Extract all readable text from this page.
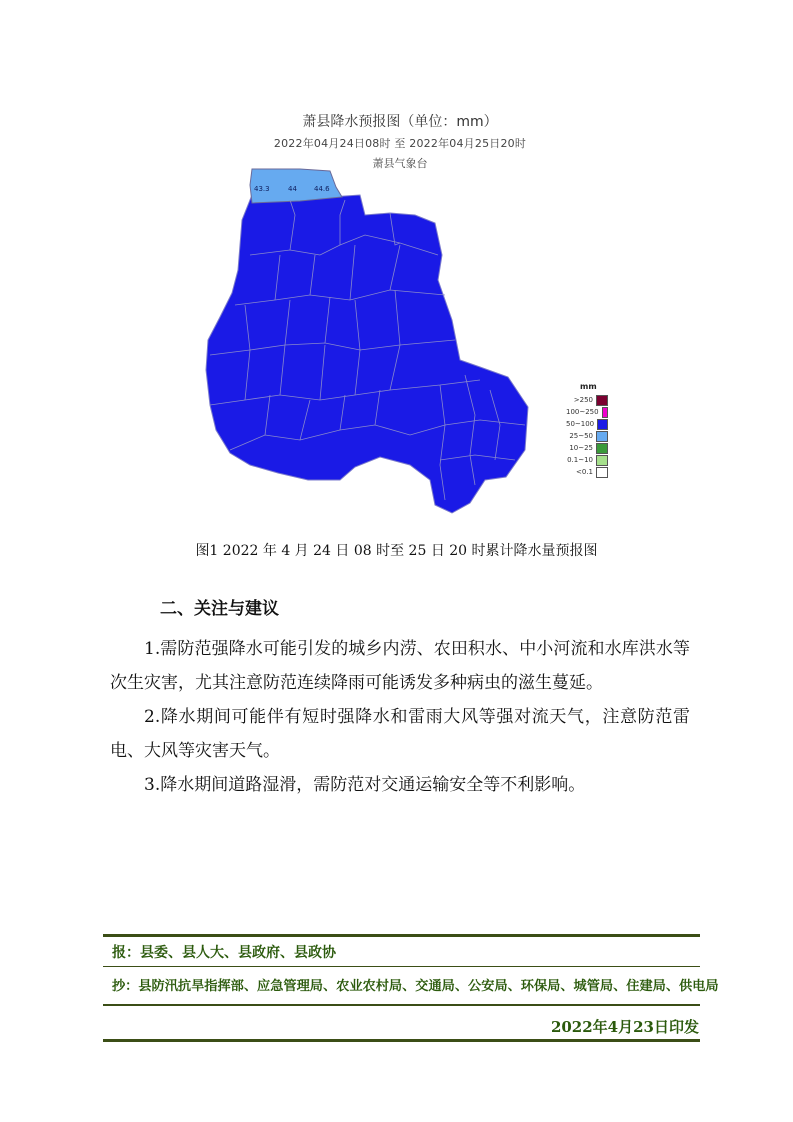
43.3	44 44.6
萧县降水预报图（单位：mm）
2022年04月24日08时 至 2022年04月25日20时
萧县气象台
mm
>250
100~250
50~100
25~50
10~25
0.1~10
<0.1
图1 2022 年 4 月 24 日 08 时至 25 日 20 时累计降水量预报图
二、关注与建议

1.需防范强降水可能引发的城乡内涝、农田积水、中小河流和水库洪水等次生灾害，尤其注意防范连续降雨可能诱发多种病虫的滋生蔓延。

2.降水期间可能伴有短时强降水和雷雨大风等强对流天气，注意防范雷电、大风等灾害天气。

3.降水期间道路湿滑，需防范对交通运输安全等不利影响。

报：县委、县人大、县政府、县政协
抄：县防汛抗旱指挥部、应急管理局、农业农村局、交通局、公安局、环保局、城管局、住建局、供电局
2022年4月23日印发
